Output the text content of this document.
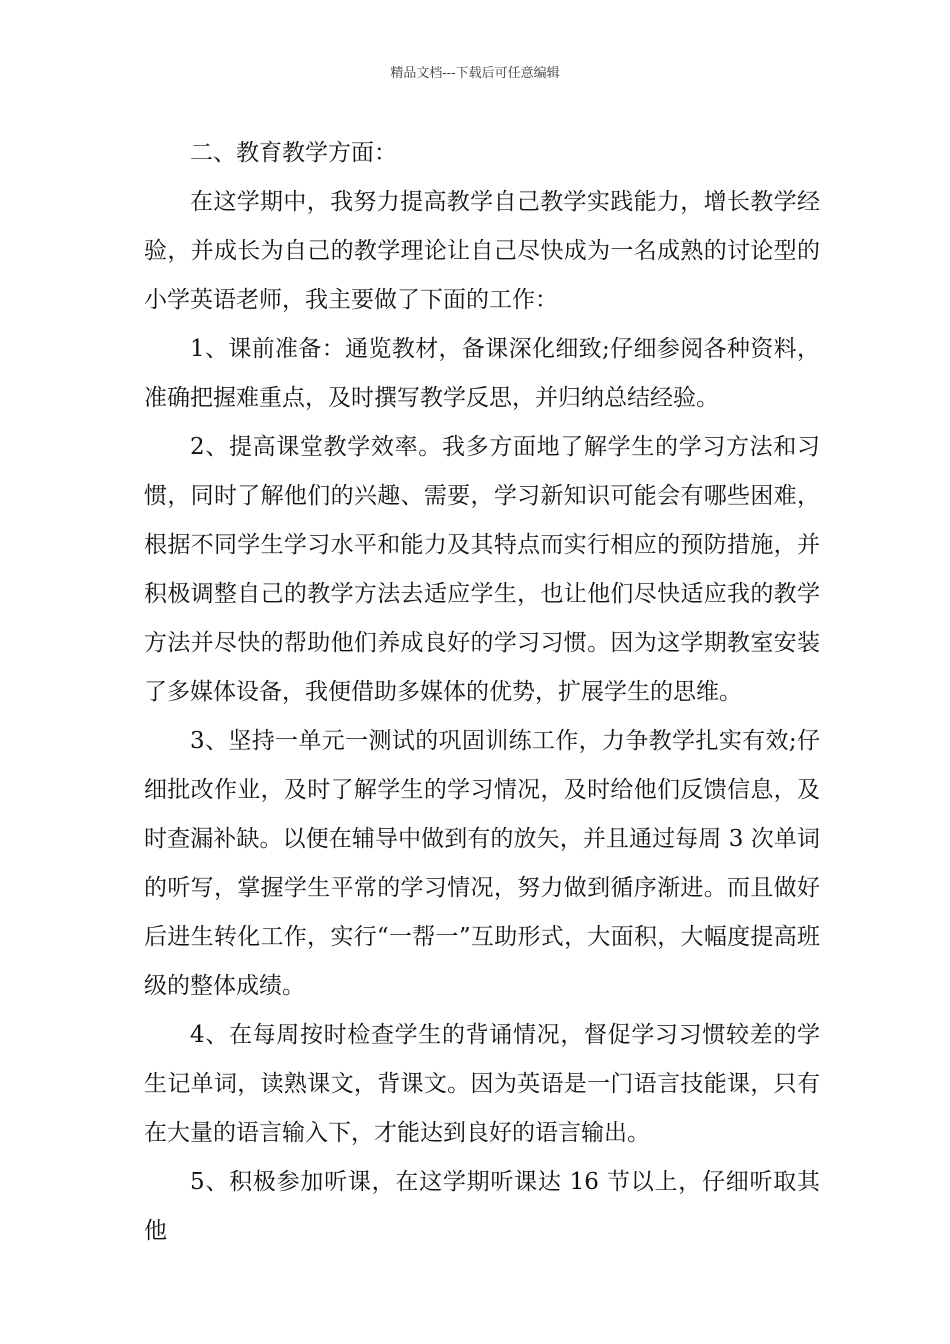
精品文档---下载后可任意编辑

二、教育教学方面：

在这学期中，我努力提高教学自己教学实践能力，增长教学经验，并成长为自己的教学理论让自己尽快成为一名成熟的讨论型的小学英语老师，我主要做了下面的工作：

1、课前准备：通览教材，备课深化细致;仔细参阅各种资料，准确把握难重点，及时撰写教学反思，并归纳总结经验。

2、提高课堂教学效率。我多方面地了解学生的学习方法和习惯，同时了解他们的兴趣、需要，学习新知识可能会有哪些困难，根据不同学生学习水平和能力及其特点而实行相应的预防措施，并积极调整自己的教学方法去适应学生，也让他们尽快适应我的教学方法并尽快的帮助他们养成良好的学习习惯。因为这学期教室安装了多媒体设备，我便借助多媒体的优势，扩展学生的思维。

3、坚持一单元一测试的巩固训练工作，力争教学扎实有效;仔细批改作业，及时了解学生的学习情况，及时给他们反馈信息，及时查漏补缺。以便在辅导中做到有的放矢，并且通过每周 3 次单词的听写，掌握学生平常的学习情况，努力做到循序渐进。而且做好后进生转化工作，实行“一帮一”互助形式，大面积，大幅度提高班级的整体成绩。

4、在每周按时检查学生的背诵情况，督促学习习惯较差的学生记单词，读熟课文，背课文。因为英语是一门语言技能课，只有在大量的语言输入下，才能达到良好的语言输出。

5、积极参加听课，在这学期听课达 16 节以上，仔细听取其他
